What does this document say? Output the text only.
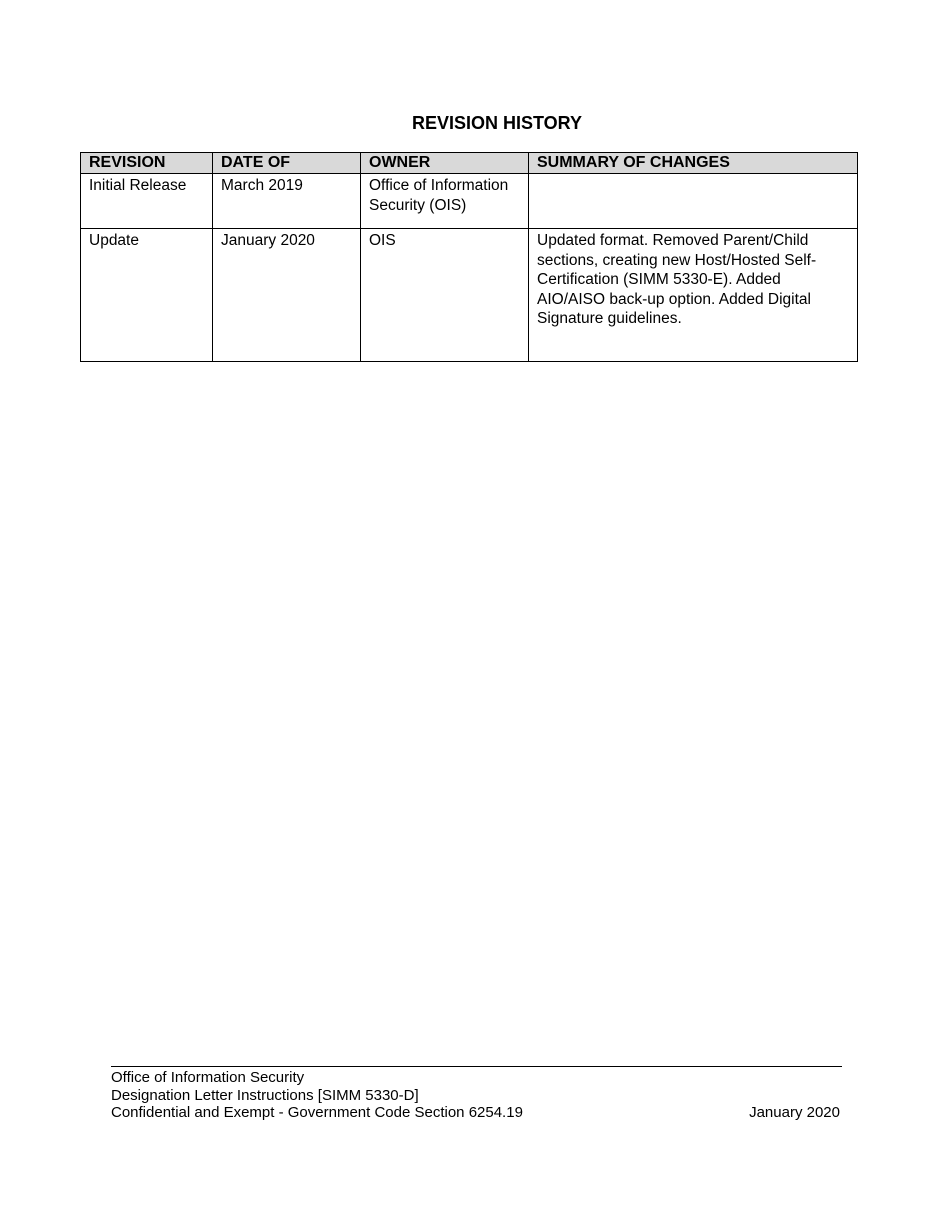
REVISION HISTORY
REVISION	DATE OF	OWNER	SUMMARY OF CHANGES
Initial Release	March 2019	Office of Information
Security (OIS)	
Update	January 2020	OIS	Updated format. Removed Parent/Child sections, creating new Host/Hosted Self-Certification (SIMM 5330-E). Added AIO/AISO back-up option. Added Digital Signature guidelines.
Office of Information Security
Designation Letter Instructions [SIMM 5330-D]
Confidential and Exempt - Government Code Section 6254.19	January 2020
